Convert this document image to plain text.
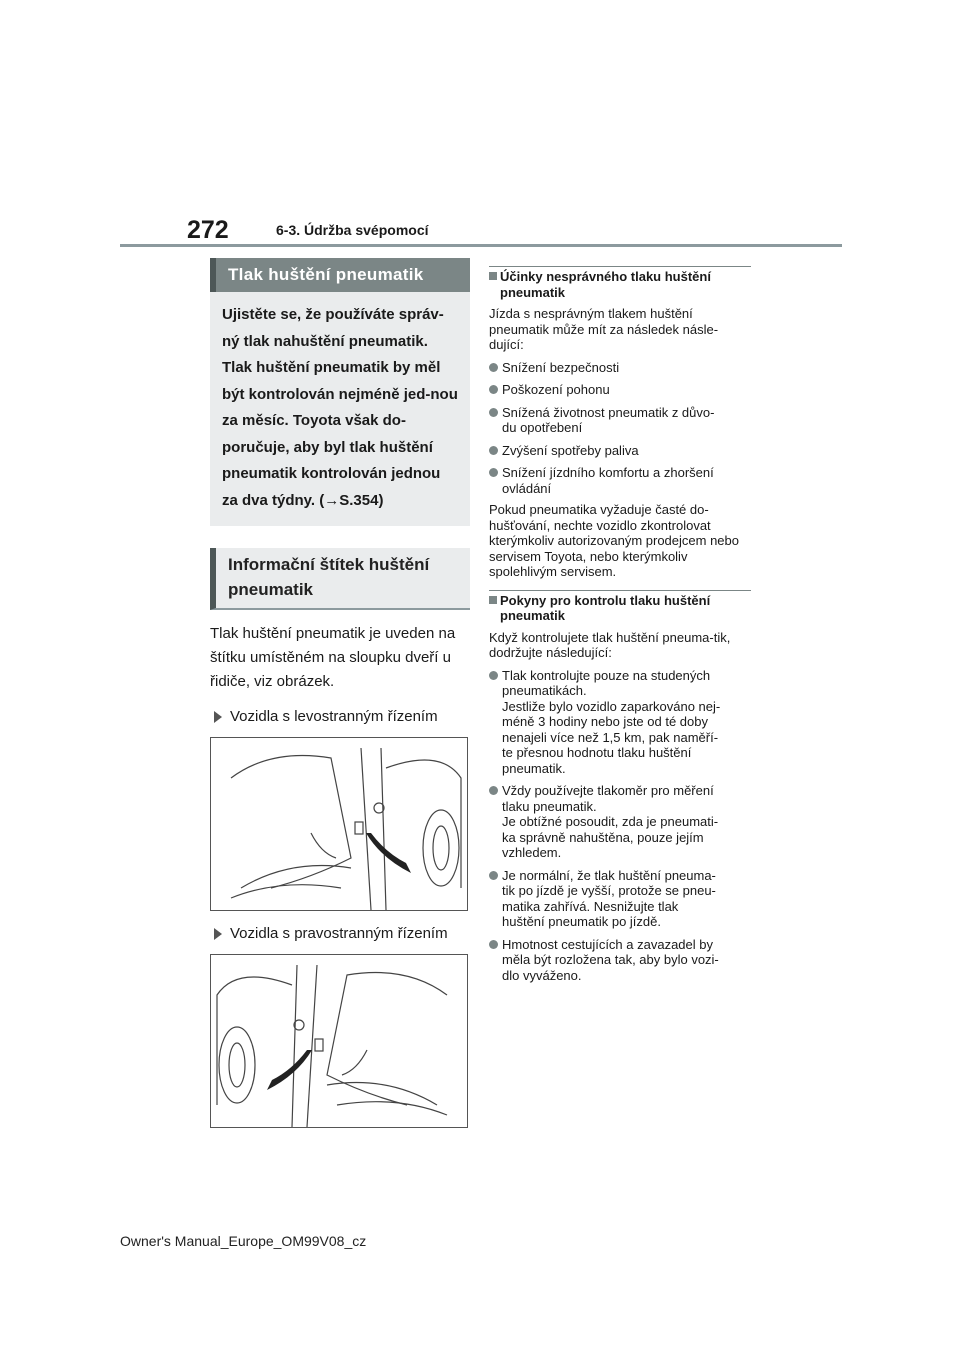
272	6-3. Údržba svépomocí
Tlak huštění pneumatik
Ujistěte se, že používáte správ-ný tlak nahuštění pneumatik. Tlak huštění pneumatik by měl být kontrolován nejméně jed-nou za měsíc. Toyota však do-poručuje, aby byl tlak huštění pneumatik kontrolován jednou za dva týdny. (→S.354)
Informační štítek huštění pneumatik

Tlak huštění pneumatik je uveden na štítku umístěném na sloupku dveří u řidiče, viz obrázek.

Vozidla s levostranným řízením
Vozidla s pravostranným řízením
Účinky nesprávného tlaku huštění pneumatik

Jízda s nesprávným tlakem huštění pneumatik může mít za následek násle-dující:

Snížení bezpečnosti
Poškození pohonu
Snížená životnost pneumatik z důvo-
du opotřebení
Zvýšení spotřeby paliva
Snížení jízdního komfortu a zhoršení
ovládání

Pokud pneumatika vyžaduje časté do-hušťování, nechte vozidlo zkontrolovat kterýmkoliv autorizovaným prodejcem nebo servisem Toyota, nebo kterýmkoliv spolehlivým servisem.

Pokyny pro kontrolu tlaku huštění pneumatik

Když kontrolujete tlak huštění pneuma-tik, dodržujte následující:

Tlak kontrolujte pouze na studených
pneumatikách.
Jestliže bylo vozidlo zaparkováno nej-
méně 3 hodiny nebo jste od té doby
nenajeli více než 1,5 km, pak naměří-
te přesnou hodnotu tlaku huštění
pneumatik.
Vždy používejte tlakoměr pro měření
tlaku pneumatik.
Je obtížné posoudit, zda je pneumati-
ka správně nahuštěna, pouze jejím
vzhledem.
Je normální, že tlak huštění pneuma-
tik po jízdě je vyšší, protože se pneu-
matika zahřívá. Nesnižujte tlak
huštění pneumatik po jízdě.
Hmotnost cestujících a zavazadel by
měla být rozložena tak, aby bylo vozi-
dlo vyváženo.
Owner's Manual_Europe_OM99V08_cz
